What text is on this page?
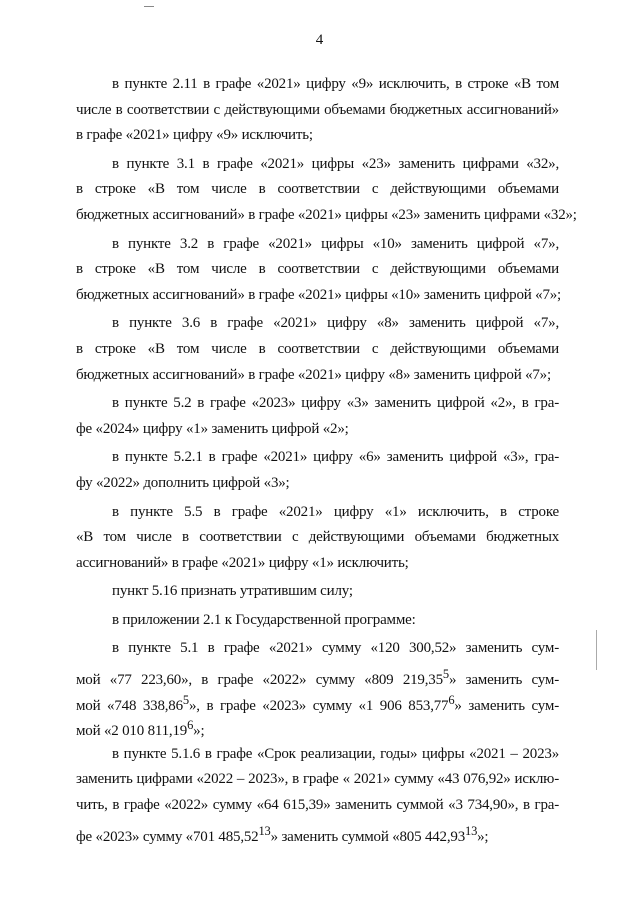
4

в пункте 2.11 в графе «2021» цифру «9» исключить, в строке «В том

числе в соответствии с действующими объемами бюджетных ассигнований»

в графе «2021» цифру «9» исключить;

в пункте 3.1 в графе «2021» цифры «23» заменить цифрами «32»,

в строке «В том числе в соответствии с действующими объемами

бюджетных ассигнований» в графе «2021» цифры «23» заменить цифрами «32»;

в пункте 3.2 в графе «2021» цифры «10» заменить цифрой «7»,

в строке «В том числе в соответствии с действующими объемами

бюджетных ассигнований» в графе «2021» цифры «10» заменить цифрой «7»;

в пункте 3.6 в графе «2021» цифру «8» заменить цифрой «7»,

в строке «В том числе в соответствии с действующими объемами

бюджетных ассигнований» в графе «2021» цифру «8» заменить цифрой «7»;

в пункте 5.2 в графе «2023» цифру «3» заменить цифрой «2», в гра-

фе «2024» цифру «1» заменить цифрой «2»;

в пункте 5.2.1 в графе «2021» цифру «6» заменить цифрой «3», гра-

фу «2022» дополнить цифрой «3»;

в пункте 5.5 в графе «2021» цифру «1» исключить, в строке

«В том числе в соответствии с действующими объемами бюджетных

ассигнований» в графе «2021» цифру «1» исключить;

пункт 5.16 признать утратившим силу;

в приложении 2.1 к Государственной программе:

в пункте 5.1 в графе «2021» сумму «120 300,52» заменить сум-

мой «77 223,60», в графе «2022» сумму «809 219,35$^5$» заменить сум-

мой «748 338,86$^5$», в графе «2023» сумму «1 906 853,77$^6$» заменить сум-

мой «2 010 811,19$^6$»;

в пункте 5.1.6 в графе «Срок реализации, годы» цифры «2021 – 2023»

заменить цифрами «2022 – 2023», в графе « 2021» сумму «43 076,92» исклю-

чить, в графе «2022» сумму «64 615,39» заменить суммой «3 734,90», в гра-

фе «2023» сумму «701 485,52$^{13}$» заменить суммой «805 442,93$^{13}$»;
